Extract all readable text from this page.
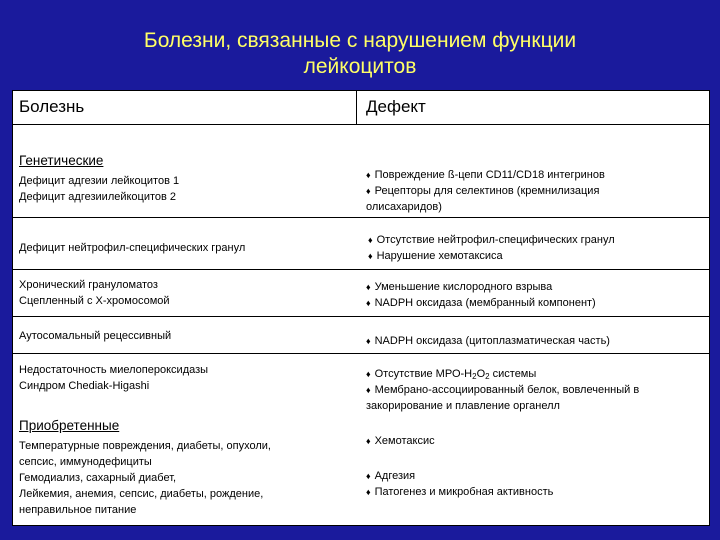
Болезни, связанные с нарушением функции
лейкоцитов
Болезнь	Дефект
Генетические
Дефицит адгезии лейкоцитов 1
Дефицит адгезиилейкоцитов 2
♦ Повреждение ß-цепи CD11/CD18 интегринов
♦ Рецепторы для селектинов (кремнилизация
олисахаридов)
Дефицит нейтрофил-специфических гранул
♦ Отсутствие нейтрофил-специфических гранул
♦ Нарушение хемотаксиса
Хронический грануломатоз
Сцепленный с Х-хромосомой
♦ Уменьшение кислородного взрыва
♦ NADPH оксидаза (мембранный компонент)
Аутосомальный рецессивный	♦ NADPH оксидаза (цитоплазматическая часть)
Недостаточность миелопероксидазы
Синдром Chediak-Higashi
♦ Отсутствие МРО-$Н_2О_2$ системы
♦ Мембрано-ассоциированный белок, вовлеченный в
закорирование и плавление органелл
Приобретенные
Температурные повреждения, диабеты, опухоли,
сепсис, иммунодефициты
♦ Хемотаксис
Гемодиализ, сахарный диабет,
Лейкемия, анемия, сепсис, диабеты, рождение,
неправильное питание
♦ Адгезия
♦ Патогенез и микробная активность
